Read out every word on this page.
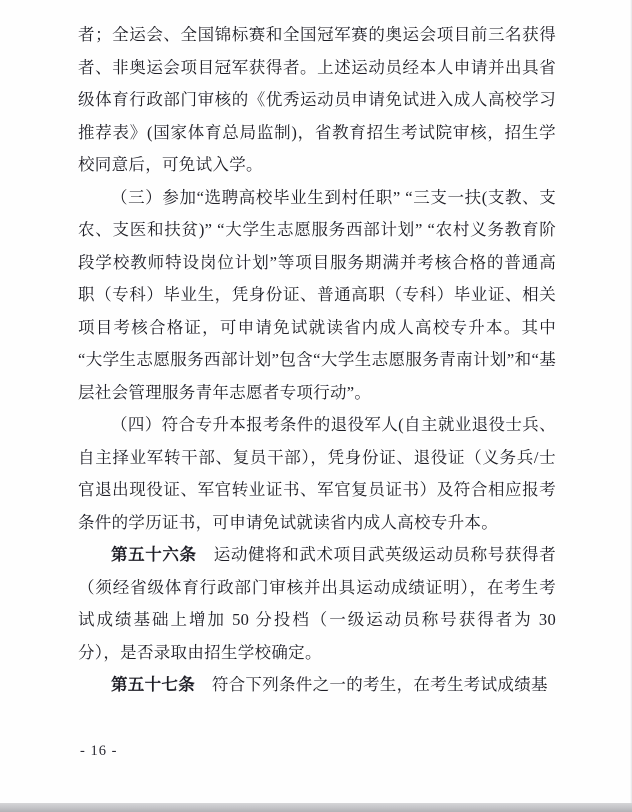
者；全运会、全国锦标赛和全国冠军赛的奥运会项目前三名获得者、非奥运会项目冠军获得者。上述运动员经本人申请并出具省级体育行政部门审核的《优秀运动员申请免试进入成人高校学习推荐表》(国家体育总局监制)，省教育招生考试院审核，招生学校同意后，可免试入学。

（三）参加“选聘高校毕业生到村任职” “三支一扶(支教、支农、支医和扶贫)” “大学生志愿服务西部计划” “农村义务教育阶段学校教师特设岗位计划”等项目服务期满并考核合格的普通高职（专科）毕业生，凭身份证、普通高职（专科）毕业证、相关项目考核合格证，可申请免试就读省内成人高校专升本。其中“大学生志愿服务西部计划”包含“大学生志愿服务青南计划”和“基层社会管理服务青年志愿者专项行动”。

（四）符合专升本报考条件的退役军人(自主就业退役士兵、自主择业军转干部、复员干部），凭身份证、退役证（义务兵/士官退出现役证、军官转业证书、军官复员证书）及符合相应报考条件的学历证书，可申请免试就读省内成人高校专升本。

第五十六条　运动健将和武术项目武英级运动员称号获得者（须经省级体育行政部门审核并出具运动成绩证明），在考生考试成绩基础上增加 50 分投档（一级运动员称号获得者为 30 分），是否录取由招生学校确定。

第五十七条　符合下列条件之一的考生，在考生考试成绩基

- 16 -
